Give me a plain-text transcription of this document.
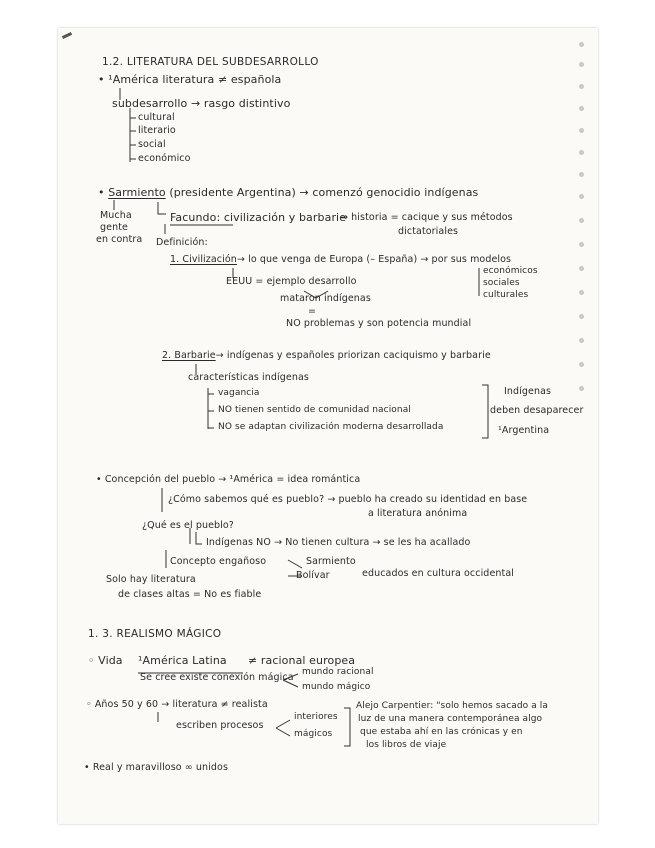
1.2. LITERATURA DEL SUBDESARROLLO
• ¹América literatura ≠ española
subdesarrollo → rasgo distintivo
cultural
literario
social
económico
• Sarmiento (presidente Argentina) → comenzó genocidio indígenas
Mucha
gente
en contra
Facundo: civilización y barbarie
→ historia = cacique y sus métodos
dictatoriales
Definición:
1. Civilización→ lo que venga de Europa (– España) → por sus modelos
económicos
sociales
culturales
EEUU = ejemplo desarrollo
mataron indígenas
=
NO problemas y son potencia mundial
2. Barbarie→ indígenas y españoles priorizan caciquismo y barbarie
características indígenas
vagancia
NO tienen sentido de comunidad nacional
NO se adaptan civilización moderna desarrollada
Indígenas
deben desaparecer
¹Argentina
• Concepción del pueblo → ¹América = idea romántica
¿Cómo sabemos qué es pueblo? → pueblo ha creado su identidad en base
a literatura anónima
¿Qué es el pueblo?
Indígenas NO → No tienen cultura → se les ha acallado
Concepto engañoso	Sarmiento
Bolívar	educados en cultura occidental
Solo hay literatura
de clases altas = No es fiable
1. 3. REALISMO MÁGICO
◦ Vida ¹América Latina ≠ racional europea
Se cree existe conexión mágica mundo racional
mundo mágico
◦ Años 50 y 60 → literatura ≠ realista
escriben procesos
interiores
mágicos
Alejo Carpentier: "solo hemos sacado a la
luz de una manera contemporánea algo
que estaba ahí en las crónicas y en
los libros de viaje
• Real y maravilloso ∞ unidos
